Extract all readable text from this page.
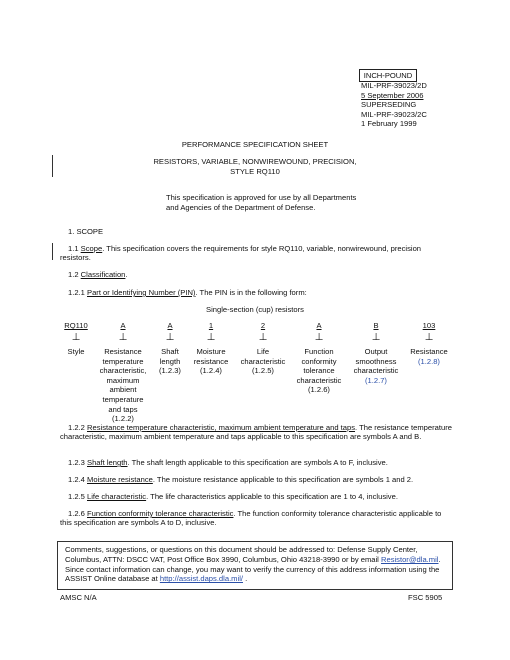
INCH-POUND
MIL-PRF-39023/2D
5 September 2006
SUPERSEDING
MIL-PRF-39023/2C
1 February 1999
PERFORMANCE SPECIFICATION SHEET
RESISTORS, VARIABLE, NONWIREWOUND, PRECISION,
STYLE RQ110
This specification is approved for use by all Departments
and Agencies of the Department of Defense.
1. SCOPE
1.1 Scope. This specification covers the requirements for style RQ110, variable, nonwirewound, precision resistors.
1.2 Classification.
1.2.1 Part or Identifying Number (PIN). The PIN is in the following form:
Single-section (cup) resistors
RQ110
⊥
Style
A
⊥
Resistance
temperature
characteristic,
maximum
ambient
temperature
and taps
(1.2.2)
A
⊥
Shaft
length
(1.2.3)
1
⊥
Moisture
resistance
(1.2.4)
2
⊥
Life
characteristic
(1.2.5)
A
⊥
Function
conformity
tolerance
characteristic
(1.2.6)
B
⊥
Output
smoothness
characteristic
(1.2.7)
103
⊥
Resistance
(1.2.8)
1.2.2 Resistance temperature characteristic, maximum ambient temperature and taps. The resistance temperature characteristic, maximum ambient temperature and taps applicable to this specification are symbols A and B.
1.2.3 Shaft length. The shaft length applicable to this specification are symbols A to F, inclusive.
1.2.4 Moisture resistance. The moisture resistance applicable to this specification are symbols 1 and 2.
1.2.5 Life characteristic. The life characteristics applicable to this specification are 1 to 4, inclusive.
1.2.6 Function conformity tolerance characteristic. The function conformity tolerance characteristic applicable to this specification are symbols A to D, inclusive.
Comments, suggestions, or questions on this document should be addressed to: Defense Supply Center, Columbus, ATTN: DSCC VAT, Post Office Box 3990, Columbus, Ohio 43218-3990 or by email Resistor@dla.mil. Since contact information can change, you may want to verify the currency of this address information using the ASSIST Online database at http://assist.daps.dla.mil/ .
AMSC N/A	FSC 5905
